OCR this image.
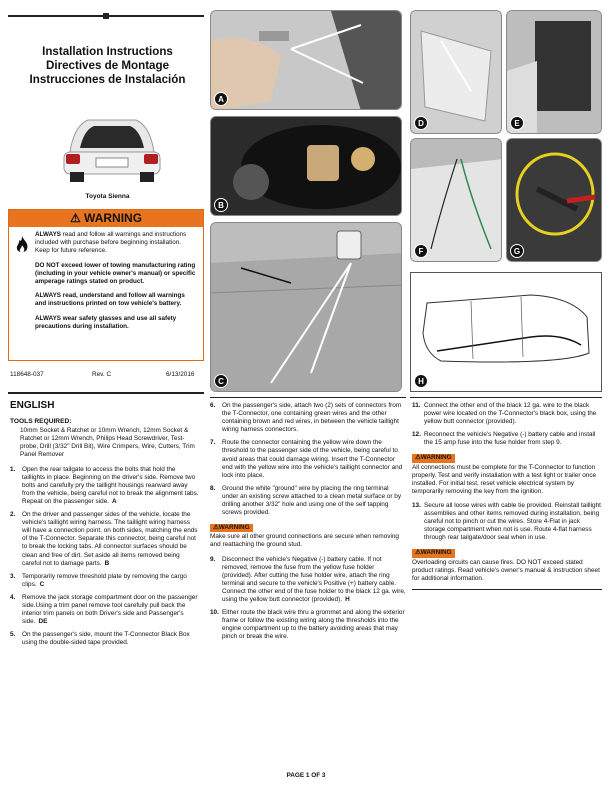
Installation Instructions
Directives de Montage
Instrucciones de Instalación
Toyota Sienna
⚠ WARNING

ALWAYS read and follow all warnings and instructions included with purchase before beginning installation. Keep for future reference.

DO NOT exceed lower of towing manufacturing rating (including in your vehicle owner's manual) or specific amperage ratings stated on product.

ALWAYS read, understand and follow all warnings and instructions printed on tow vehicle's battery.

ALWAYS wear safety glasses and use all safety precautions during installation.

118648-037	Rev. C	6/13/2016
A
B
C
D	E
F	G
H
ENGLISH
TOOLS REQUIRED:
10mm Socket & Ratchet or 10mm Wrench, 12mm Socket & Ratchet or 12mm Wrench, Philips Head Screwdriver, Test-probe, Drill (3/32" Drill Bit), Wire Crimpers, Wire, Cutters, Trim Panel Remover
1. Open the rear tailgate to access the bolts that hold the taillights in place. Beginning on the driver's side. Remove two bolts and carefully pry the taillight housings rearward away from the vehicle, being careful not to break the alignment tabs. Repeat on the passenger side. A
2. On the driver and passenger sides of the vehicle, locate the vehicle's taillight wiring harness. The taillight wiring harness will have a connection point, on both sides, matching the ends of the T-Connector. Separate this connector, being careful not to break the locking tabs. All connector surfaces should be clean and free of dirt. Set aside all items removed being careful not to damage parts. B
3. Temporarily remove threshold plate by removing the cargo clips. C
4. Remove the jack storage compartment door on the passenger side.Using a trim panel remove tool carefully pull back the interior trim panels on both Driver's side and Passenger's side. DE
5. On the passenger's side, mount the T-Connector Black Box using the double-sided tape provided.
6. On the passenger's side, attach two (2) sets of connectors from the T-Connector, one containing green wires and the other containing brown and red wires, in between the vehicle taillight wiring harness connectors.
7. Route the connector containing the yellow wire down the threshold to the passenger side of the vehicle, being careful to avoid areas that could damage wiring. Insert the T-Connector end with the yellow wire into the vehicle's taillight connector and lock into place.
8. Ground the white "ground" wire by placing the ring terminal under an existing screw attached to a clean metal surface or by drilling another 3/32" hole and using one of the self tapping screws provided.
⚠WARNING
Make sure all other ground connections are secure when removing and reattaching the ground stud.
9. Disconnect the vehicle's Negative (-) battery cable. If not removed, remove the fuse from the yellow fuse holder (provided). After cutting the fuse holder wire, attach the ring terminal and secure to the vehicle's Positive (+) battery cable. Connect the other end of the fuse holder to the black 12 ga. wire, using the yellow butt connector (provided). H
10. Either route the black wire thru a grommet and along the exterior frame or follow the existing wiring along the thresholds into the engine compartment up to the battery avoiding areas that may pinch or break the wire.
11. Connect the other end of the black 12 ga. wire to the black power wire located on the T-Connector's black box, using the yellow butt connector (provided).
12. Reconnect the vehicle's Negative (-) battery cable and install the 15 amp fuse into the fuse holder from step 9.
⚠WARNING
All connections must be complete for the T-Connector to function properly. Test and verify installation with a test light or trailer once installed. For initial test, reset vehicle electrical system by temporarily removing the key from the ignition.
13. Secure all loose wires with cable tie provided. Reinstall taillight assemblies and other items removed during installation, being careful not to pinch or cut the wires. Store 4-Flat in jack storage compartment when not is use. Route 4-flat harness through rear tailgate/door seal when in use.
⚠WARNING
Overloading circuits can cause fires. DO NOT exceed stated product ratings. Read vehicle's owner's manual & instruction sheet for additional information.
PAGE 1 OF 3
